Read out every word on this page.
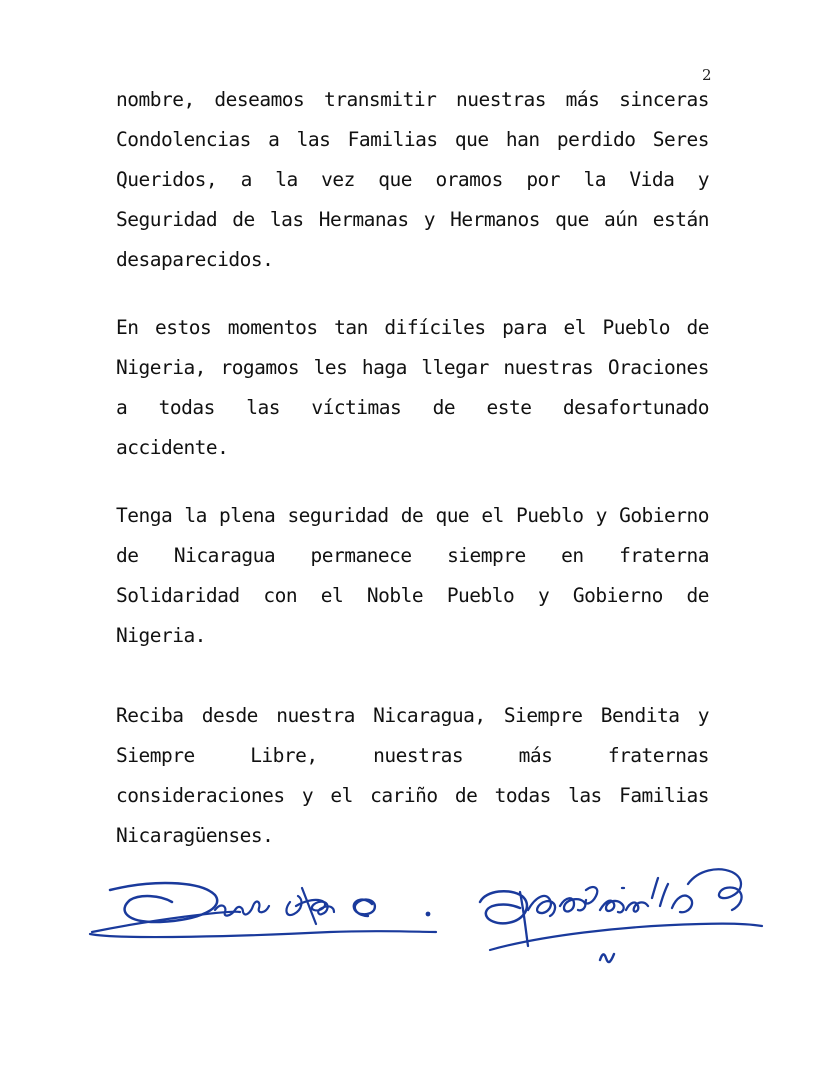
2

nombre, deseamos transmitir nuestras más sinceras Condolencias a las Familias que han perdido Seres Queridos, a la vez que oramos por la Vida y Seguridad de las Hermanas y Hermanos que aún están desaparecidos.

En estos momentos tan difíciles para el Pueblo de Nigeria, rogamos les haga llegar nuestras Oraciones a todas las víctimas de este desafortunado accidente.

Tenga la plena seguridad de que el Pueblo y Gobierno de Nicaragua permanece siempre en fraterna Solidaridad con el Noble Pueblo y Gobierno de Nigeria.

Reciba desde nuestra Nicaragua, Siempre Bendita y Siempre Libre, nuestras más fraternas consideraciones y el cariño de todas las Familias Nicaragüenses.
